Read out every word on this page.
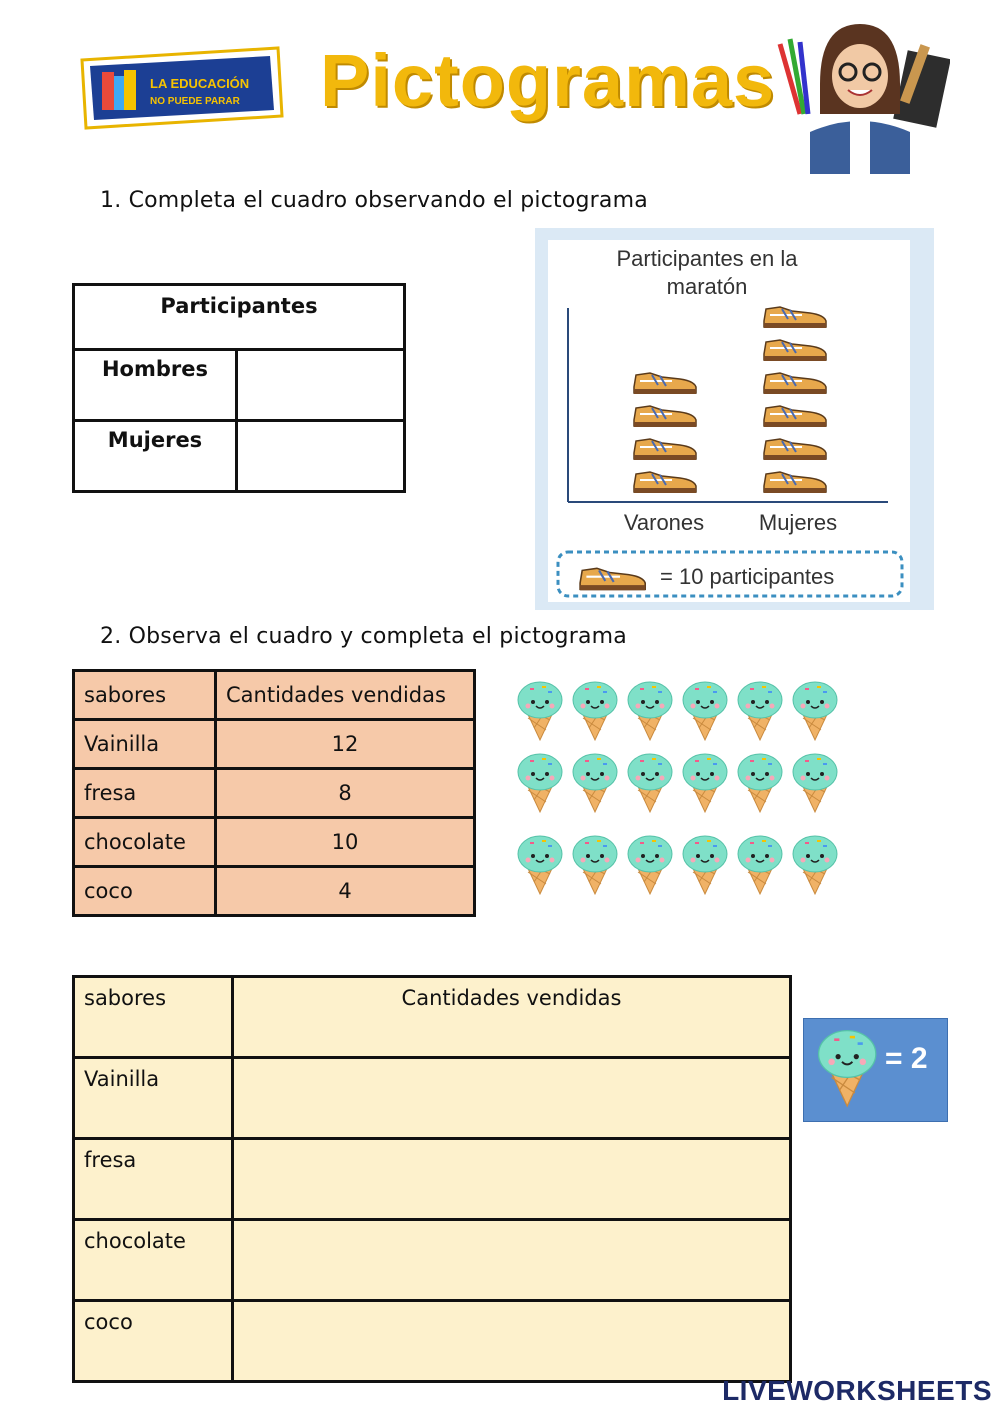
LA EDUCACIÓN
NO PUEDE PARAR Pictogramas
1. Completa el cuadro observando el pictograma
Participantes	
Hombres	
Mujeres	
Participantes en la
maratón
Varones Mujeres
= 10 participantes
2. Observa el cuadro y completa el pictograma
sabores	Cantidades vendidas
Vainilla	12
fresa	8
chocolate	10
coco	4
sabores	Cantidades vendidas
Vainilla	
fresa	
chocolate	
coco	
= 2
LIVEWORKSHEETS
